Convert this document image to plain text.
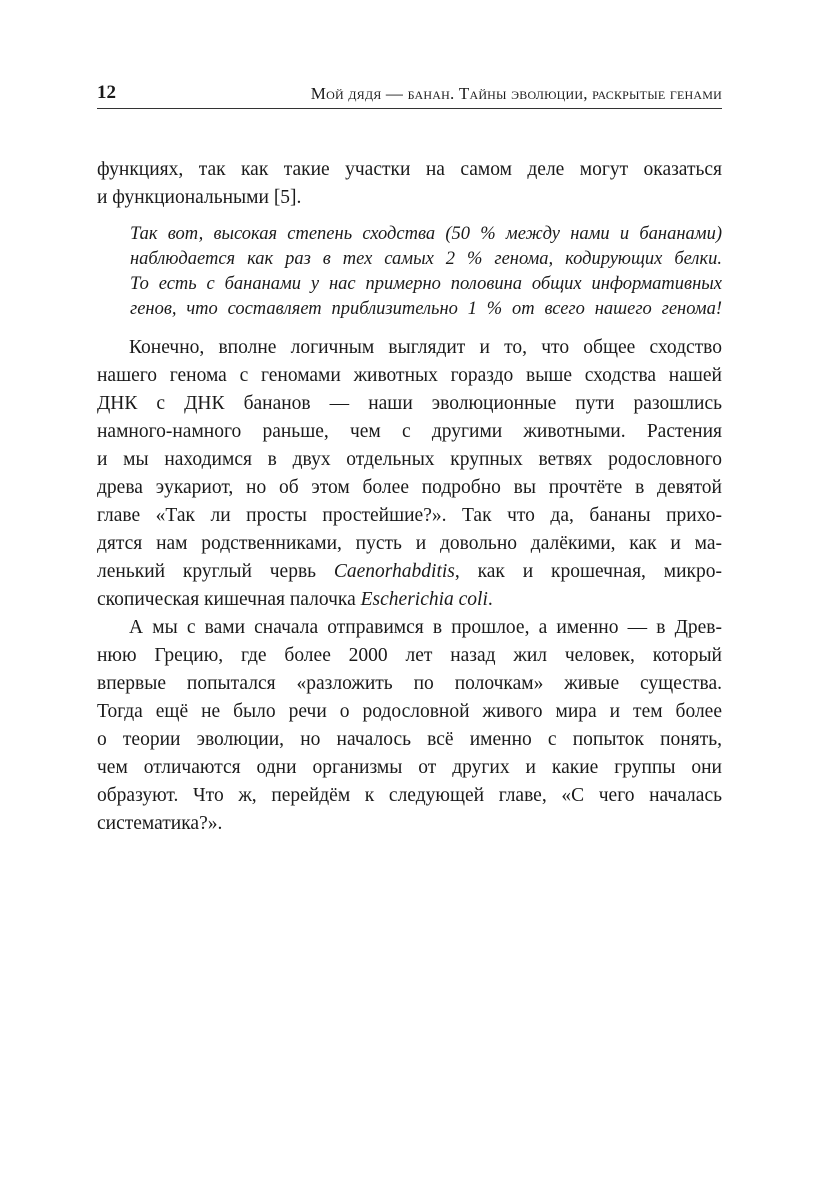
12	Мой дядя — банан. Тайны эволюции, раскрытые генами
функциях, так как такие участки на самом деле могут оказаться
и функциональными [5].
Так вот, высокая степень сходства (50 % между нами и бананами)
наблюдается как раз в тех самых 2 % генома, кодирующих белки.
То есть с бананами у нас примерно половина общих информативных
генов, что составляет приблизительно 1 % от всего нашего генома!
Конечно, вполне логичным выглядит и то, что общее сходство
нашего генома с геномами животных гораздо выше сходства нашей
ДНК с ДНК бананов — наши эволюционные пути разошлись
намного-намного раньше, чем с другими животными. Растения
и мы находимся в двух отдельных крупных ветвях родословного
древа эукариот, но об этом более подробно вы прочтёте в девятой
главе «Так ли просты простейшие?». Так что да, бананы прихо-
дятся нам родственниками, пусть и довольно далёкими, как и ма-
ленький круглый червь Caenorhabditis, как и крошечная, микро-
скопическая кишечная палочка Escherichia coli.
А мы с вами сначала отправимся в прошлое, а именно — в Древ-
нюю Грецию, где более 2000 лет назад жил человек, который
впервые попытался «разложить по полочкам» живые существа.
Тогда ещё не было речи о родословной живого мира и тем более
о теории эволюции, но началось всё именно с попыток понять,
чем отличаются одни организмы от других и какие группы они
образуют. Что ж, перейдём к следующей главе, «С чего началась
систематика?».
